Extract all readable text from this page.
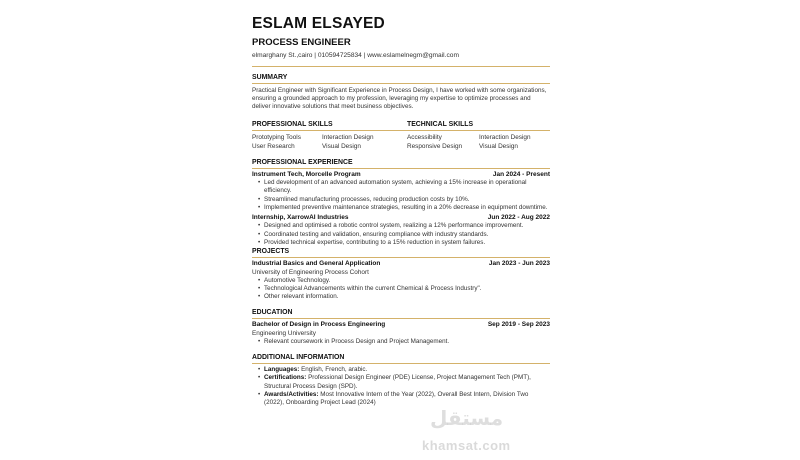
ESLAM ELSAYED
PROCESS ENGINEER
elmarghany St.,cairo | 010594725834 | www.eslamelnegm@gmail.com
SUMMARY
Practical Engineer with Significant Experience in Process Design, I have worked with some organizations, ensuring a grounded approach to my profession, leveraging my expertise to optimize processes and deliver innovative solutions that meet business objectives.
PROFESSIONAL SKILLS
Prototyping Tools	Interaction Design
User Research	Visual Design
TECHNICAL SKILLS
Accessibility	Interaction Design
Responsive Design	Visual Design
PROFESSIONAL EXPERIENCE
Instrument Tech, Morcelle Program	Jan 2024 - Present
• Led development of an advanced automation system, achieving a 15% increase in operational efficiency.
• Streamlined manufacturing processes, reducing production costs by 10%.
• Implemented preventive maintenance strategies, resulting in a 20% decrease in equipment downtime.
Internship, XarrowAI Industries	Jun 2022 - Aug 2022
• Designed and optimised a robotic control system, realizing a 12% performance improvement.
• Coordinated testing and validation, ensuring compliance with industry standards.
• Provided technical expertise, contributing to a 15% reduction in system failures.
PROJECTS
Industrial Basics and General Application	Jan 2023 - Jun 2023
University of Engineering Process Cohort
• Automotive Technology.
• Technological Advancements within the current Chemical & Process Industry".
• Other relevant information.
EDUCATION
Bachelor of Design in Process Engineering	Sep 2019 - Sep 2023
Engineering University
• Relevant coursework in Process Design and Project Management.
ADDITIONAL INFORMATION
• Languages: English, French, arabic.
• Certifications: Professional Design Engineer (PDE) License, Project Management Tech (PMT), Structural Process Design (SPD).
• Awards/Activities: Most Innovative Intern of the Year (2022), Overall Best Intern, Division Two (2022), Onboarding Project Lead (2024)
مستقل
khamsat.com
